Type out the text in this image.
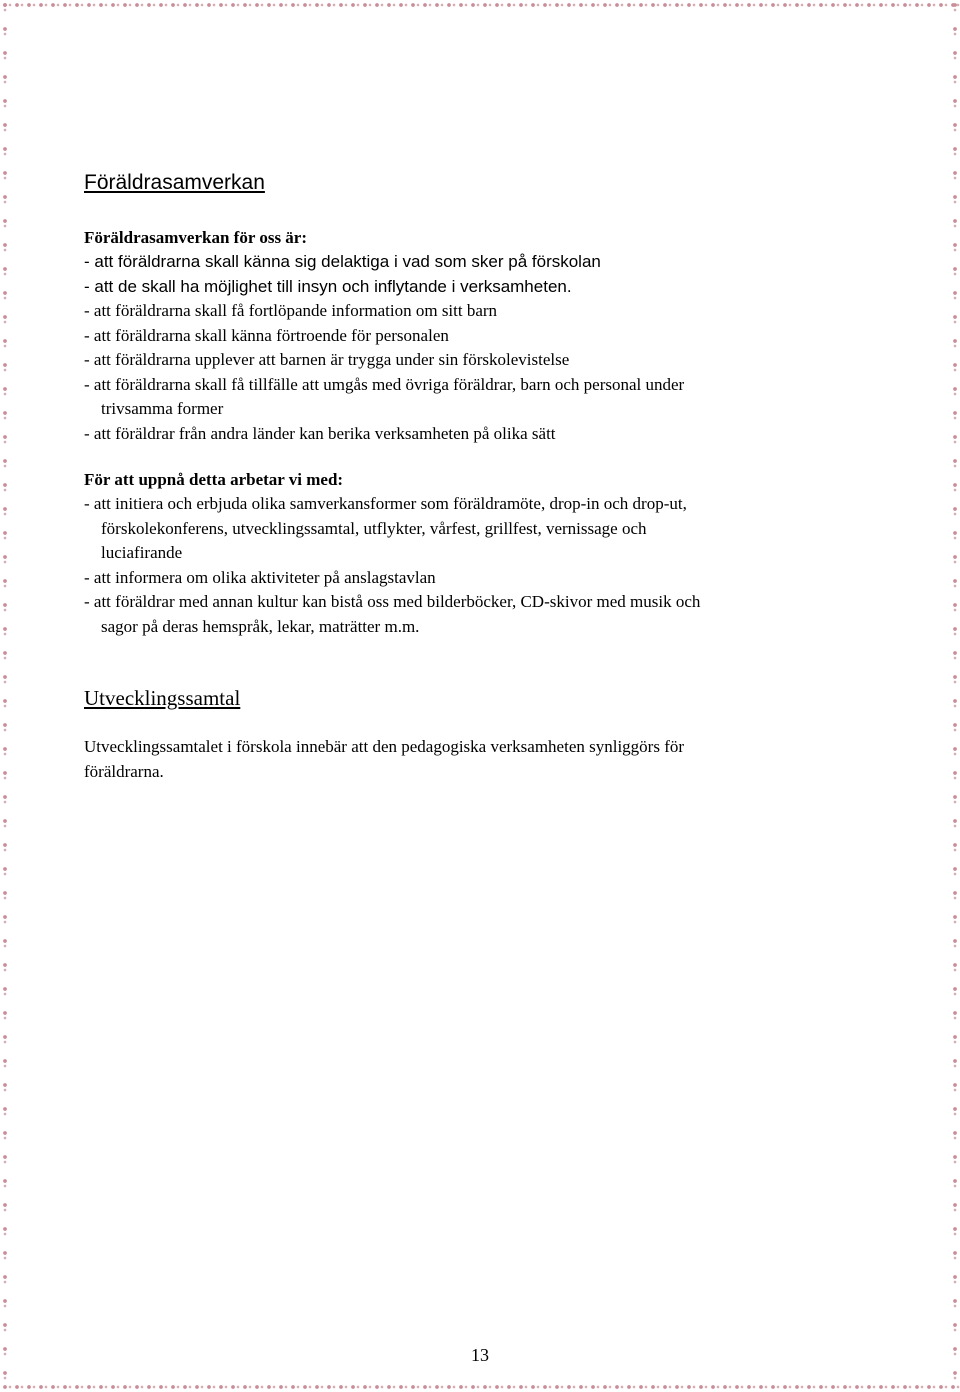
Föräldrasamverkan

Föräldrasamverkan för oss är:

- att föräldrarna skall känna sig delaktiga i vad som sker på förskolan

- att de skall ha möjlighet till insyn och inflytande i verksamheten.

- att föräldrarna skall få fortlöpande information om sitt barn

- att föräldrarna skall känna förtroende för personalen

- att föräldrarna upplever att barnen är trygga under sin förskolevistelse

- att föräldrarna skall få tillfälle att umgås med övriga föräldrar, barn och personal under

trivsamma former

- att föräldrar från andra länder kan berika verksamheten på olika sätt

För att uppnå detta arbetar vi med:

- att initiera och erbjuda olika samverkansformer som föräldramöte, drop-in och drop-ut,

förskolekonferens, utvecklingssamtal, utflykter, vårfest, grillfest, vernissage och

luciafirande

- att informera om olika aktiviteter på anslagstavlan

- att föräldrar med annan kultur kan bistå oss med bilderböcker, CD-skivor med musik och

sagor på deras hemspråk, lekar, maträtter m.m.

Utvecklingssamtal

Utvecklingssamtalet i förskola innebär att den pedagogiska verksamheten synliggörs för

föräldrarna.

13
